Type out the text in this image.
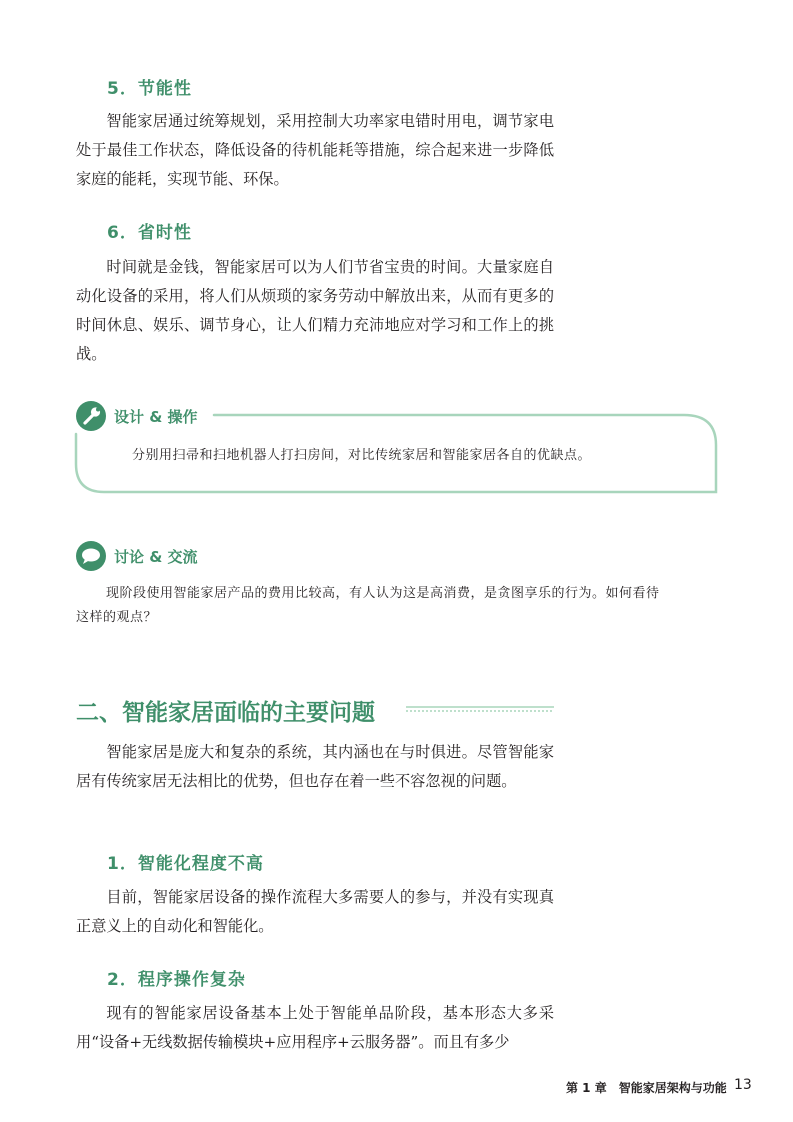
5．节能性

智能家居通过统筹规划，采用控制大功率家电错时用电，调节家电处于最佳工作状态，降低设备的待机能耗等措施，综合起来进一步降低家庭的能耗，实现节能、环保。

6．省时性

时间就是金钱，智能家居可以为人们节省宝贵的时间。大量家庭自动化设备的采用，将人们从烦琐的家务劳动中解放出来，从而有更多的时间休息、娱乐、调节身心，让人们精力充沛地应对学习和工作上的挑战。

设计 & 操作
分别用扫帚和扫地机器人打扫房间，对比传统家居和智能家居各自的优缺点。
讨论 & 交流
现阶段使用智能家居产品的费用比较高，有人认为这是高消费，是贪图享乐的行为。如何看待
这样的观点？
二、智能家居面临的主要问题

智能家居是庞大和复杂的系统，其内涵也在与时俱进。尽管智能家居有传统家居无法相比的优势，但也存在着一些不容忽视的问题。

1．智能化程度不高

目前，智能家居设备的操作流程大多需要人的参与，并没有实现真正意义上的自动化和智能化。

2．程序操作复杂

现有的智能家居设备基本上处于智能单品阶段，基本形态大多采用“设备+无线数据传输模块+应用程序+云服务器”。而且有多少

第 1 章　智能家居架构与功能 13
